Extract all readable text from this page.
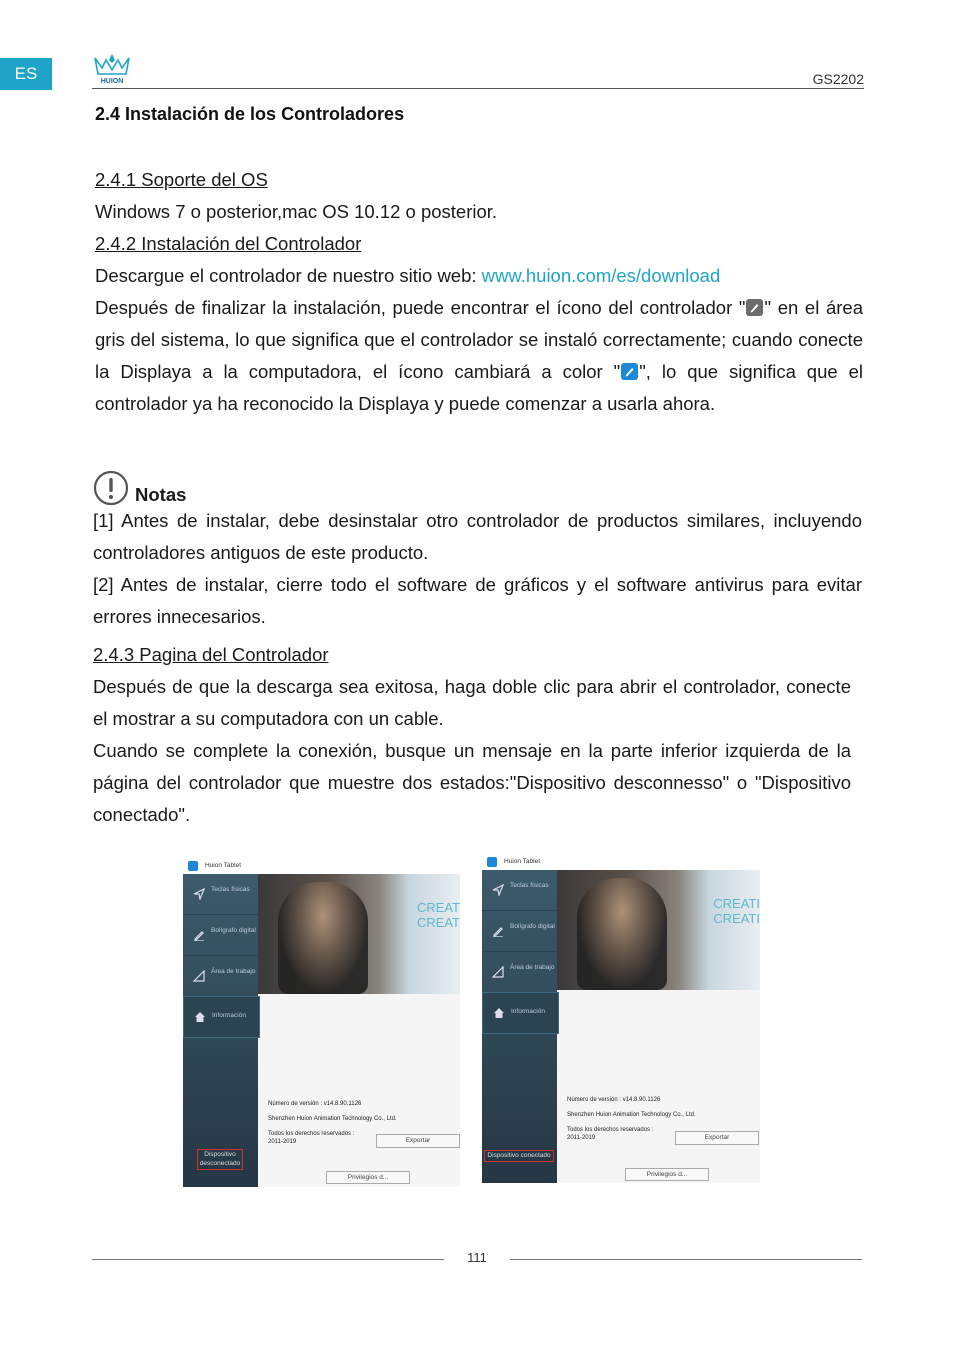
ES	HUION	GS2202
2.4 Instalación de los Controladores
2.4.1 Soporte del OS
Windows 7 o posterior,mac OS 10.12 o posterior.
2.4.2 Instalación del Controlador
Descargue el controlador de nuestro sitio web: www.huion.com/es/download
Después de finalizar la instalación, puede encontrar el ícono del controlador " " en el área gris del sistema, lo que significa que el controlador se instaló correctamente; cuando conecte la Displaya a la computadora, el ícono cambiará a color " ", lo que significa que el controlador ya ha reconocido la Displaya y puede comenzar a usarla ahora.
Notas
[1] Antes de instalar, debe desinstalar otro controlador de productos similares, incluyendo controladores antiguos de este producto.
[2] Antes de instalar, cierre todo el software de gráficos y el software antivirus para evitar errores innecesarios.
2.4.3 Pagina del Controlador
Después de que la descarga sea exitosa, haga doble clic para abrir el controlador, conecte el mostrar a su computadora con un cable.
Cuando se complete la conexión, busque un mensaje en la parte inferior izquierda de la página del controlador que muestre dos estados:"Dispositivo desconnesso" o "Dispositivo conectado".
Huion Tablet
Teclas físicas
Bolígrafo digital
Área de trabajo
Información
Dispositivo desconectado
CREAT
CREAT
Número de versión : v14.8.90.1126
Shenzhen Huion Animation Technology Co., Ltd.
Todos los derechos reservados :
2011-2019	Exportar
Privilegios d...
Huion Tablet
Teclas físicas
Bolígrafo digital
Área de trabajo
Información
Dispositivo conectado
CREATI
CREATI
Número de versión : v14.8.90.1126
Shenzhen Huion Animation Technology Co., Ltd.
Todos los derechos reservados :
2011-2019	Exportar
Privilegios d...
111
